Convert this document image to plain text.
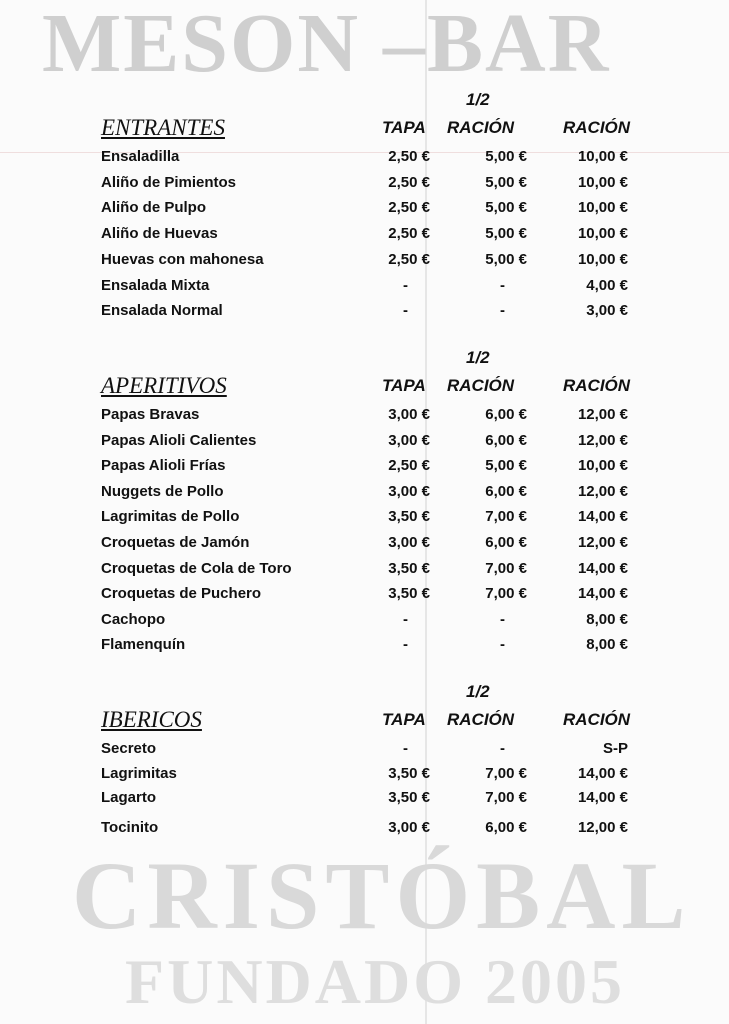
MESON –BAR
CRISTÓBAL
FUNDADO 2005
1/2
ENTRANTES	TAPA RACIÓN	RACIÓN
Ensaladilla	2,50 €	5,00 €	10,00 €
Aliño de Pimientos	2,50 €	5,00 €	10,00 €
Aliño de Pulpo	2,50 €	5,00 €	10,00 €
Aliño de Huevas	2,50 €	5,00 €	10,00 €
Huevas con mahonesa	2,50 €	5,00 €	10,00 €
Ensalada Mixta	-	-	4,00 €
Ensalada Normal	-	-	3,00 €
1/2
APERITIVOS	TAPA RACIÓN	RACIÓN
Papas Bravas	3,00 €	6,00 €	12,00 €
Papas Alioli Calientes	3,00 €	6,00 €	12,00 €
Papas Alioli Frías	2,50 €	5,00 €	10,00 €
Nuggets de Pollo	3,00 €	6,00 €	12,00 €
Lagrimitas de Pollo	3,50 €	7,00 €	14,00 €
Croquetas de Jamón	3,00 €	6,00 €	12,00 €
Croquetas de Cola de Toro	3,50 €	7,00 €	14,00 €
Croquetas de Puchero	3,50 €	7,00 €	14,00 €
Cachopo	-	-	8,00 €
Flamenquín	-	-	8,00 €
1/2
IBERICOS	TAPA RACIÓN	RACIÓN
Secreto	-	-	S-P
Lagrimitas	3,50 €	7,00 €	14,00 €
Lagarto	3,50 €	7,00 €	14,00 €
Tocinito	3,00 €	6,00 €	12,00 €
